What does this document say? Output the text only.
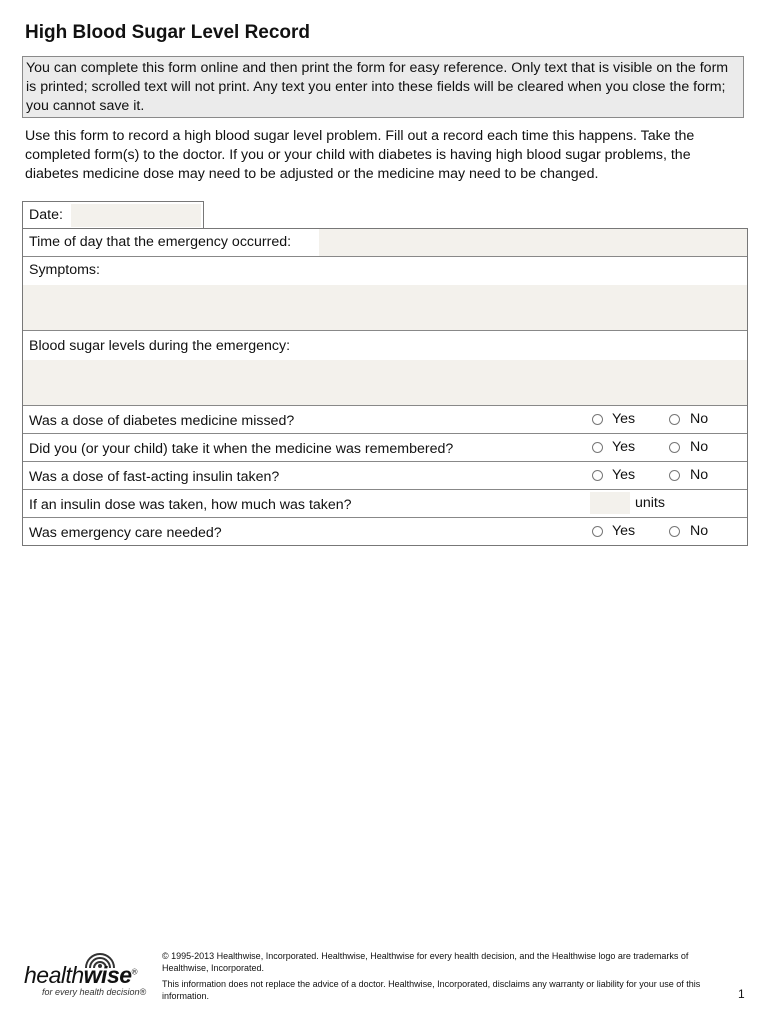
High Blood Sugar Level Record
You can complete this form online and then print the form for easy reference. Only text that is visible on the form is printed; scrolled text will not print. Any text you enter into these fields will be cleared when you close the form; you cannot save it.

Use this form to record a high blood sugar level problem. Fill out a record each time this happens. Take the completed form(s) to the doctor. If you or your child with diabetes is having high blood sugar problems, the diabetes medicine dose may need to be adjusted or the medicine may need to be changed.

Date:
Time of day that the emergency occurred:
Symptoms:
Blood sugar levels during the emergency:
Was a dose of diabetes medicine missed?	Yes	No
Did you (or your child) take it when the medicine was remembered?	Yes	No
Was a dose of fast-acting insulin taken?	Yes	No
If an insulin dose was taken, how much was taken?	units
Was emergency care needed?	Yes	No
healthwise®
for every health decision®

© 1995-2013 Healthwise, Incorporated. Healthwise, Healthwise for every health decision, and the Healthwise logo are trademarks of Healthwise, Incorporated.

This information does not replace the advice of a doctor. Healthwise, Incorporated, disclaims any warranty or liability for your use of this information.	1
